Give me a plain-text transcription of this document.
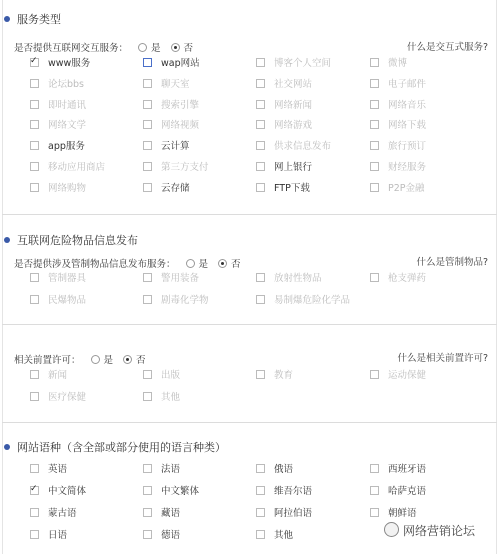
服务类型
是否提供互联网交互服务： 是 否	什么是交互式服务?
✓www服务	wap网站	博客个人空间	微博
论坛bbs	聊天室	社交网站	电子邮件
即时通讯	搜索引擎	网络新闻	网络音乐
网络文学	网络视频	网络游戏	网络下载
app服务	云计算	供求信息发布	旅行预订
移动应用商店	第三方支付	网上银行	财经服务
网络购物	云存储	FTP下载	P2P金融
互联网危险物品信息发布
是否提供涉及管制物品信息发布服务： 是 否	什么是管制物品?
管制器具	警用装备	放射性物品	枪支弹药
民爆物品	剧毒化学物	易制爆危险化学品
相关前置许可： 是 否	什么是相关前置许可?
新闻	出版	教育	运动保健
医疗保健	其他
网站语种（含全部或部分使用的语言种类）
英语	法语	俄语	西班牙语
✓中文简体	中文繁体	维吾尔语	哈萨克语
蒙古语	藏语	阿拉伯语	朝鲜语
日语	德语	其他	网络营销论坛
